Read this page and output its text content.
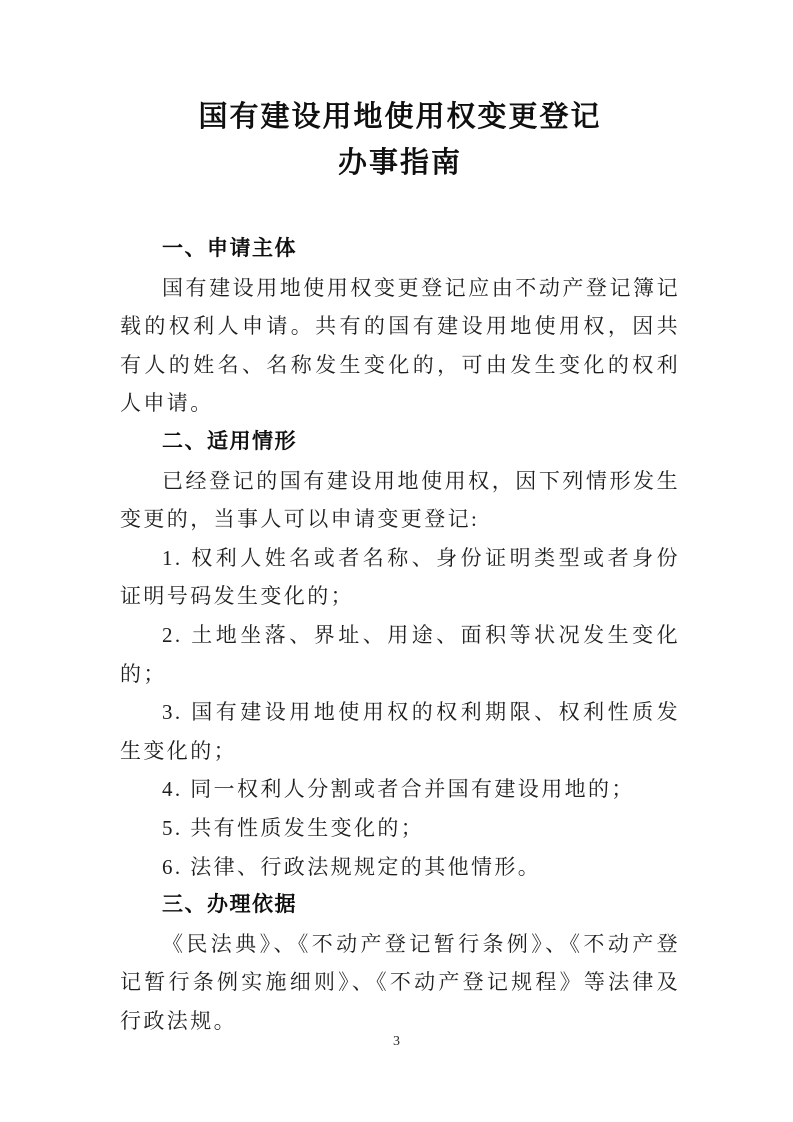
国有建设用地使用权变更登记
办事指南
一、申请主体

国有建设用地使用权变更登记应由不动产登记簿记载的权利人申请。共有的国有建设用地使用权，因共有人的姓名、名称发生变化的，可由发生变化的权利人申请。

二、适用情形

已经登记的国有建设用地使用权，因下列情形发生变更的，当事人可以申请变更登记:

1. 权利人姓名或者名称、身份证明类型或者身份证明号码发生变化的；

2. 土地坐落、界址、用途、面积等状况发生变化的；

3. 国有建设用地使用权的权利期限、权利性质发生变化的；

4. 同一权利人分割或者合并国有建设用地的；

5. 共有性质发生变化的；

6. 法律、行政法规规定的其他情形。

三、办理依据

《民法典》、《不动产登记暂行条例》、《不动产登记暂行条例实施细则》、《不动产登记规程》等法律及行政法规。

3
